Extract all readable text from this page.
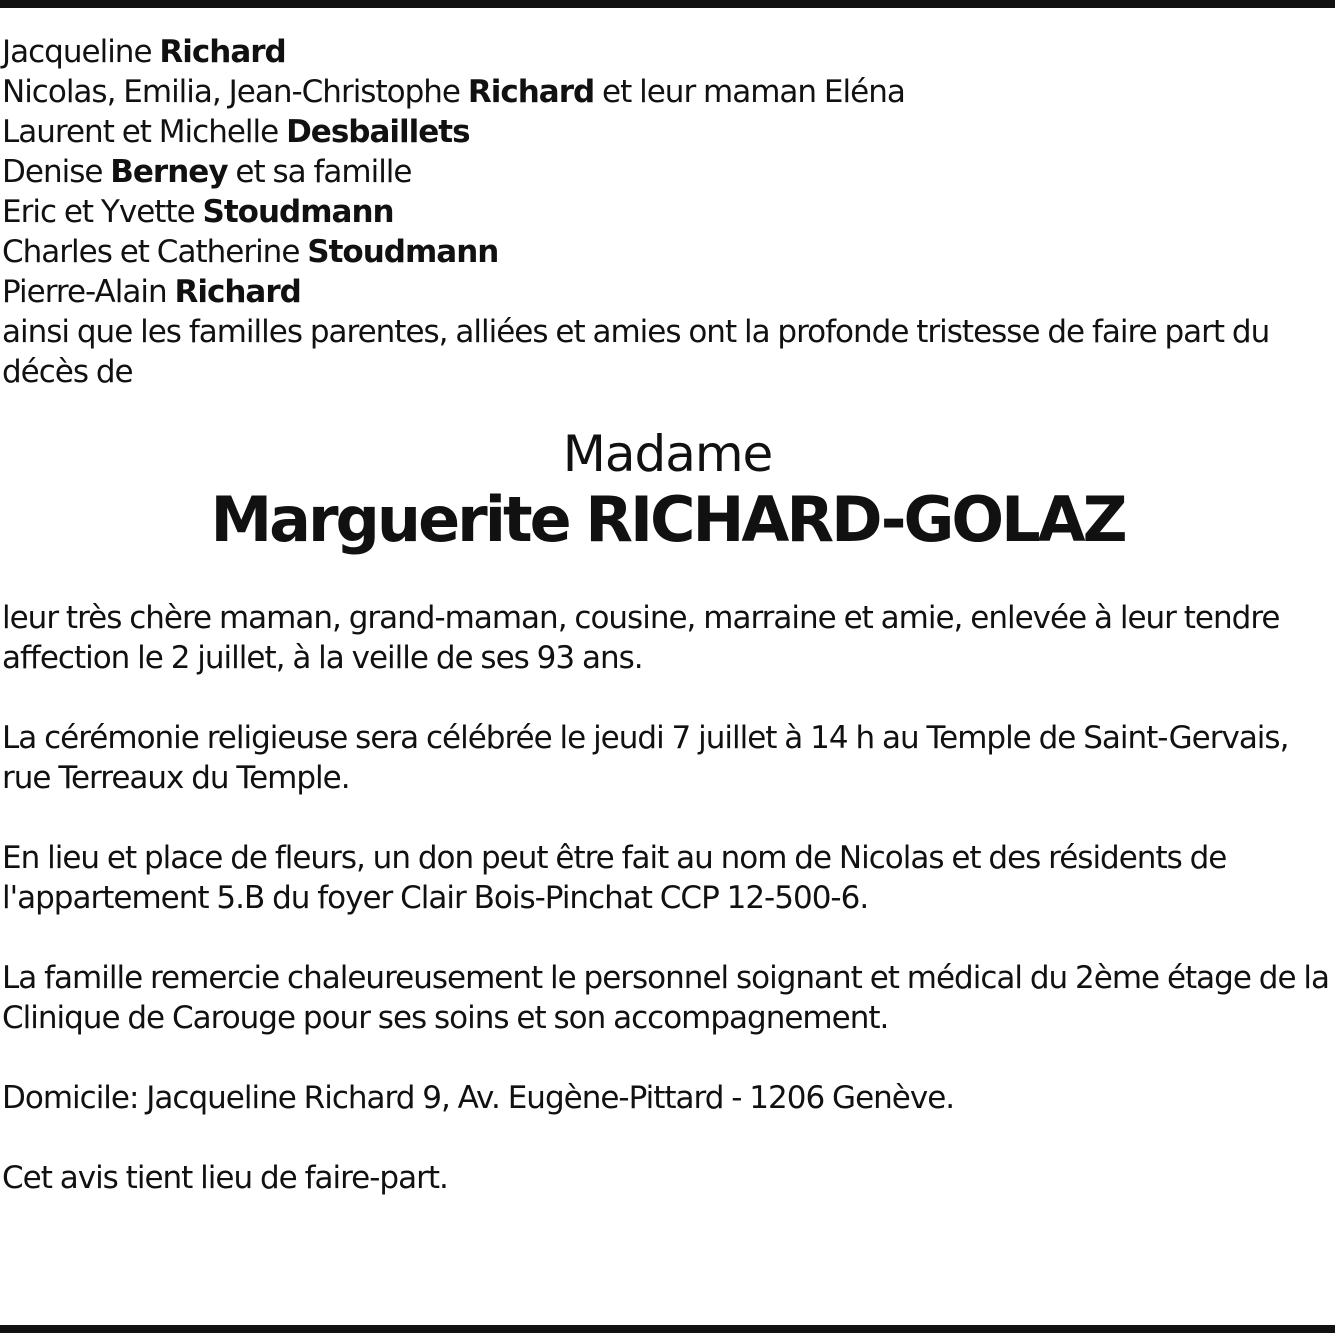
Jacqueline Richard
Nicolas, Emilia, Jean-Christophe Richard et leur maman Eléna
Laurent et Michelle Desbaillets
Denise Berney et sa famille
Eric et Yvette Stoudmann
Charles et Catherine Stoudmann
Pierre-Alain Richard
ainsi que les familles parentes, alliées et amies ont la profonde tristesse de faire part du décès de
Madame
Marguerite RICHARD-GOLAZ
leur très chère maman, grand-maman, cousine, marraine et amie, enlevée à leur tendre affection le 2 juillet, à la veille de ses 93 ans.
La cérémonie religieuse sera célébrée le jeudi 7 juillet à 14 h au Temple de Saint-Gervais, rue Terreaux du Temple.
En lieu et place de fleurs, un don peut être fait au nom de Nicolas et des résidents de l'appartement 5.B du foyer Clair Bois-Pinchat CCP 12-500-6.
La famille remercie chaleureusement le personnel soignant et médical du 2ème étage de la Clinique de Carouge pour ses soins et son accompagnement.
Domicile: Jacqueline Richard 9, Av. Eugène-Pittard - 1206 Genève.
Cet avis tient lieu de faire-part.
